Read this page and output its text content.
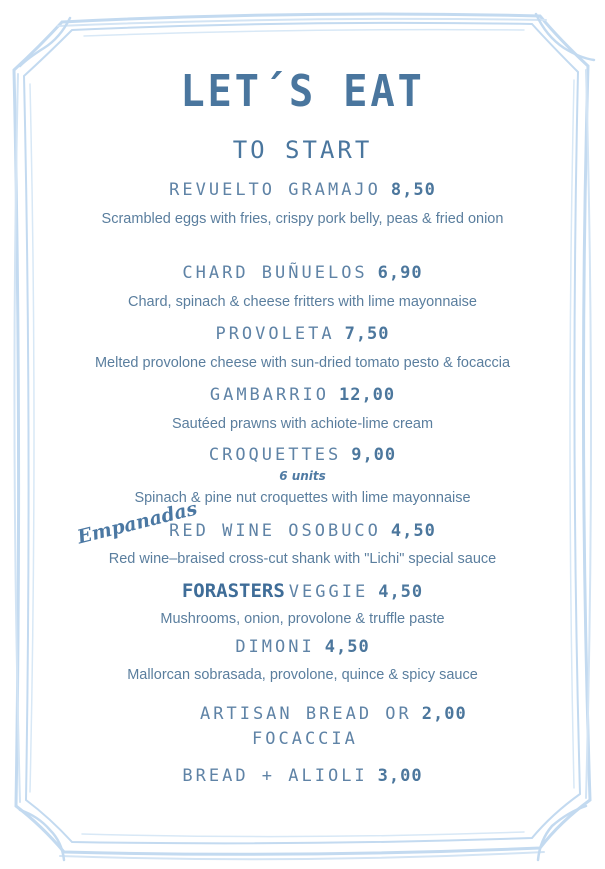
LET´S EAT
TO START
REVUELTO GRAMAJO 8,50
Scrambled eggs with fries, crispy pork belly, peas & fried onion
CHARD BUÑUELOS 6,90
Chard, spinach & cheese fritters with lime mayonnaise
PROVOLETA 7,50
Melted provolone cheese with sun-dried tomato pesto & focaccia
GAMBARRIO 12,00
Sautéed prawns with achiote-lime cream
CROQUETTES 9,00
6 units
Spinach & pine nut croquettes with lime mayonnaise
Empanadas
RED WINE OSOBUCO 4,50
Red wine–braised cross-cut shank with "Lichi" special sauce
FORASTERS VEGGIE 4,50
Mushrooms, onion, provolone & truffle paste
DIMONI 4,50
Mallorcan sobrasada, provolone, quince & spicy sauce
ARTISAN BREAD OR 2,00
FOCACCIA
BREAD + ALIOLI 3,00
